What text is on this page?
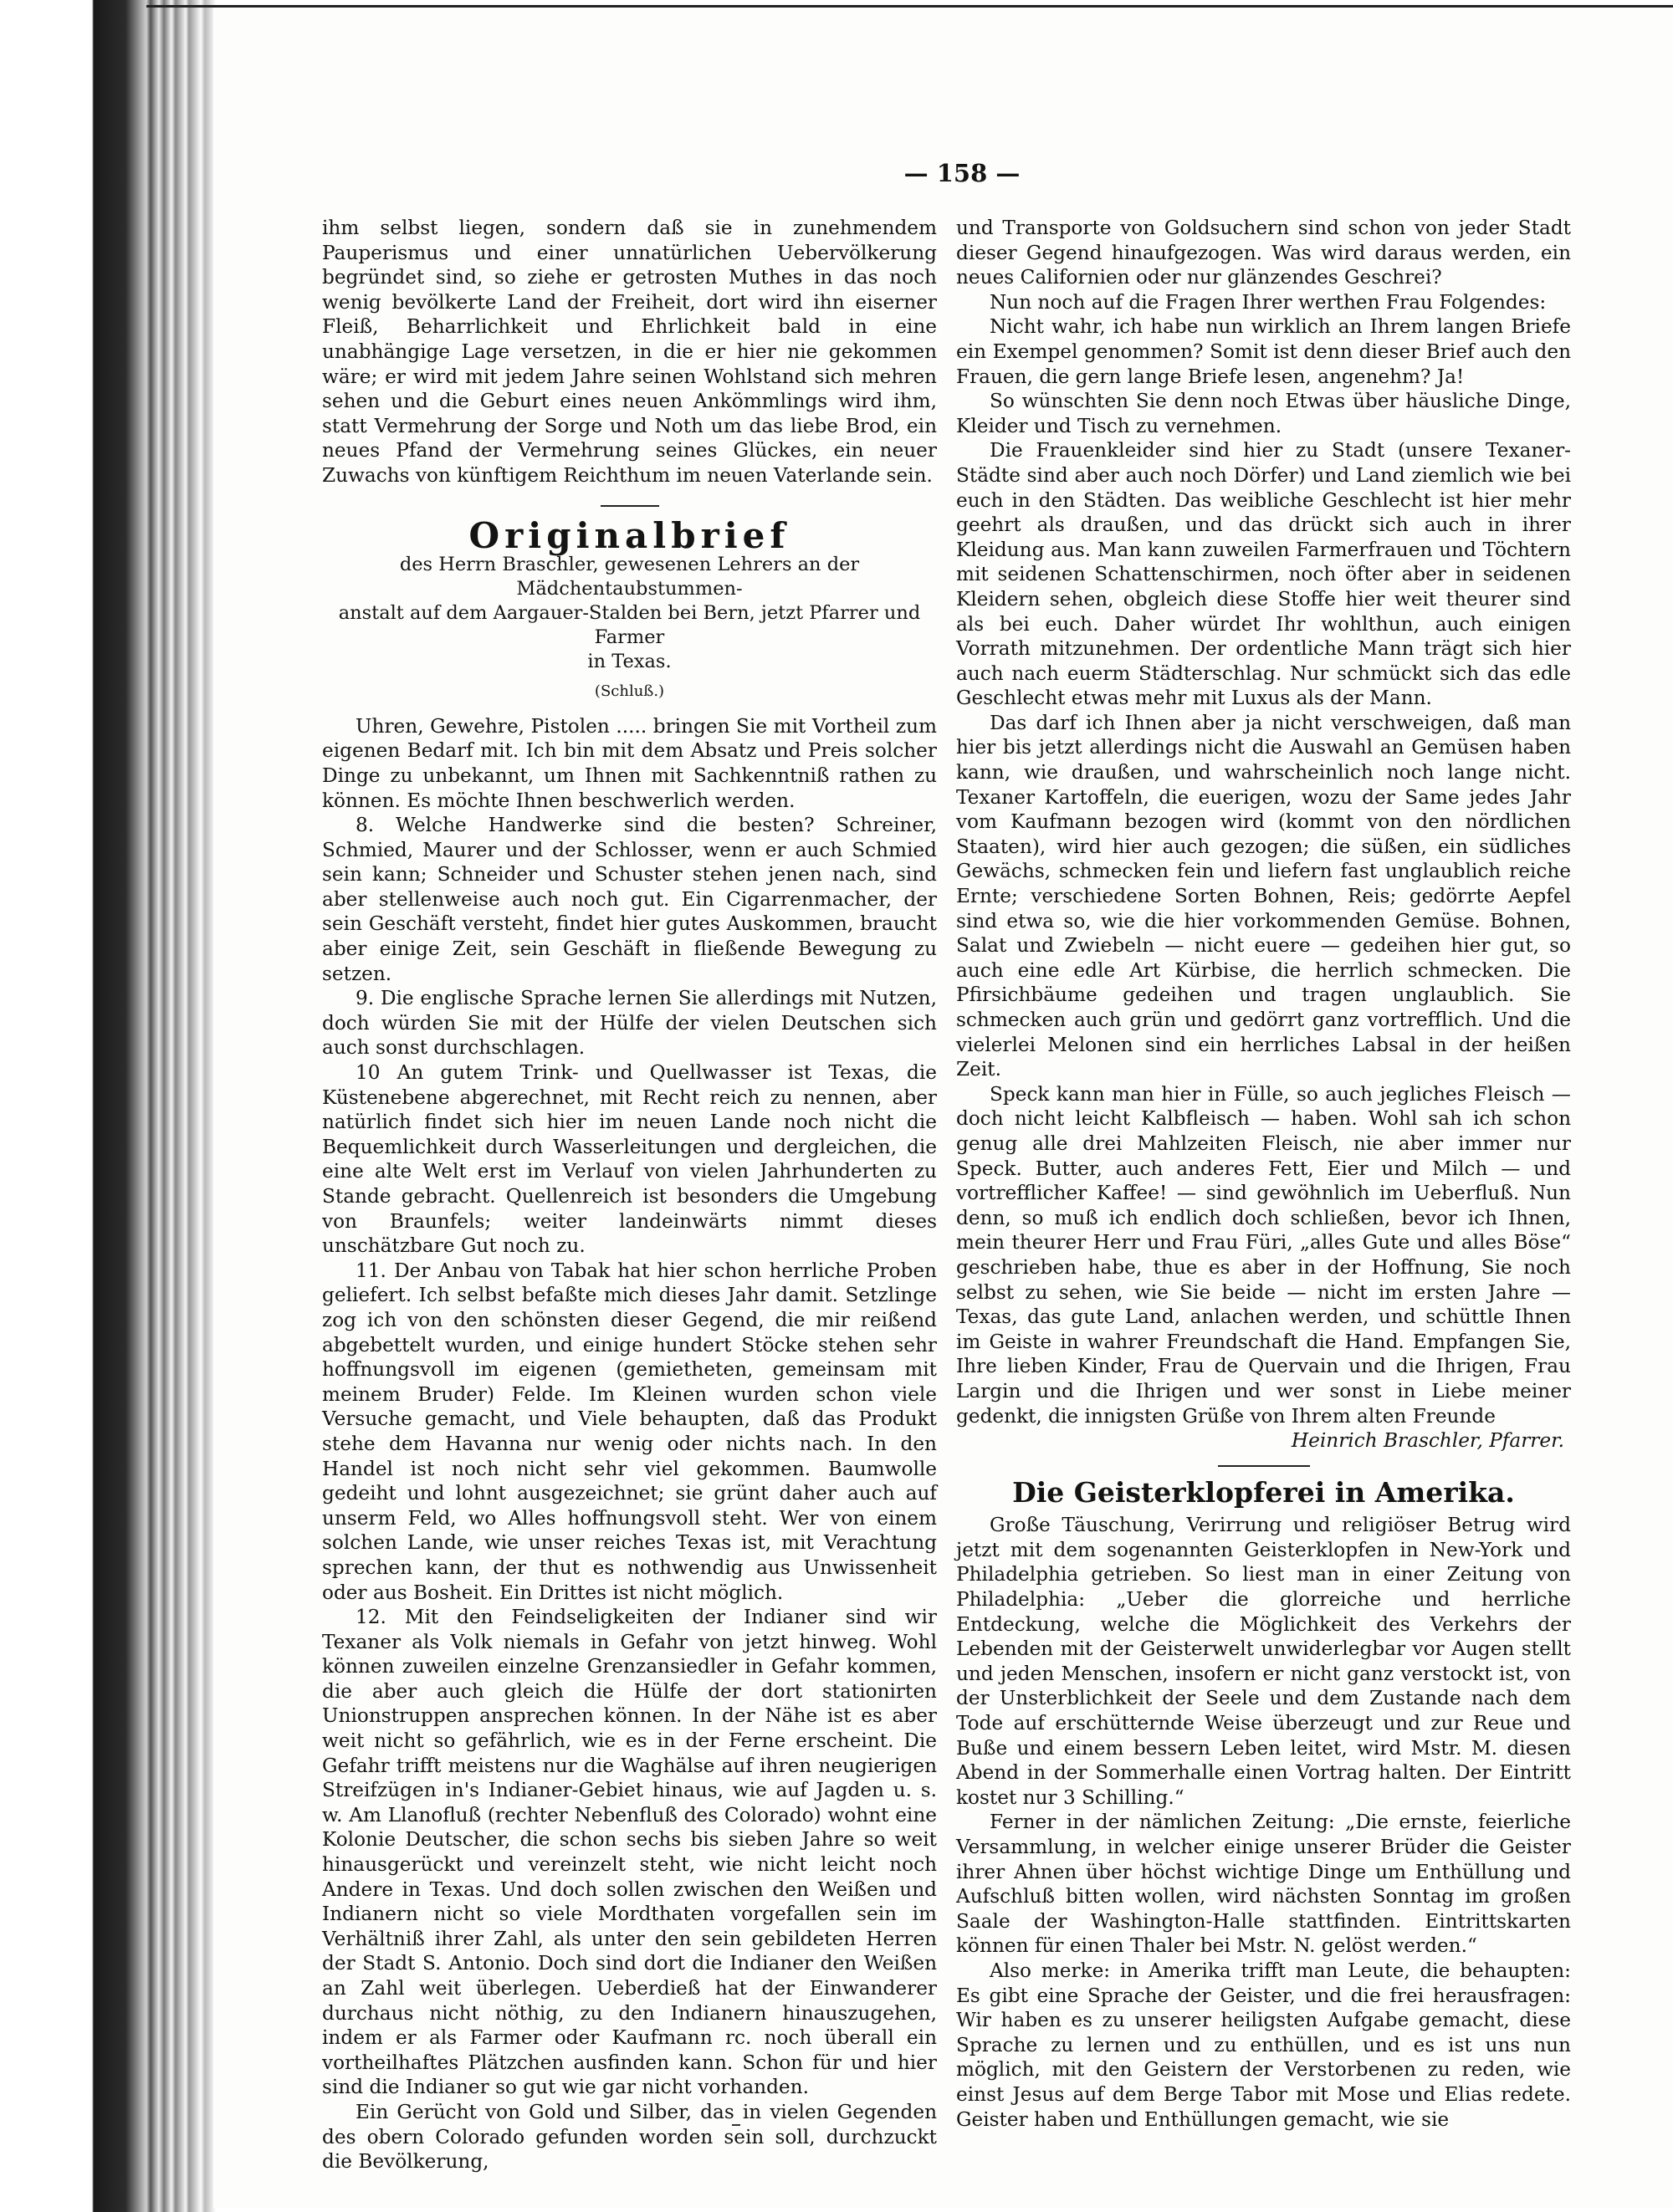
— 158 —

ihm selbst liegen, sondern daß sie in zunehmendem Pauperismus und einer unnatürlichen Uebervölkerung begründet sind, so ziehe er getrosten Muthes in das noch wenig bevölkerte Land der Freiheit, dort wird ihn eiserner Fleiß, Beharrlichkeit und Ehrlichkeit bald in eine unabhängige Lage versetzen, in die er hier nie gekommen wäre; er wird mit jedem Jahre seinen Wohlstand sich mehren sehen und die Geburt eines neuen Ankömmlings wird ihm, statt Vermehrung der Sorge und Noth um das liebe Brod, ein neues Pfand der Vermehrung seines Glückes, ein neuer Zuwachs von künftigem Reichthum im neuen Vaterlande sein.

Originalbrief
des Herrn Braschler, gewesenen Lehrers an der Mädchentaubstummen-
anstalt auf dem Aargauer-Stalden bei Bern, jetzt Pfarrer und Farmer
in Texas.
(Schluß.)

Uhren, Gewehre, Pistolen ..... bringen Sie mit Vortheil zum eigenen Bedarf mit. Ich bin mit dem Absatz und Preis solcher Dinge zu unbekannt, um Ihnen mit Sachkenntniß rathen zu können. Es möchte Ihnen beschwerlich werden.

8. Welche Handwerke sind die besten? Schreiner, Schmied, Maurer und der Schlosser, wenn er auch Schmied sein kann; Schneider und Schuster stehen jenen nach, sind aber stellenweise auch noch gut. Ein Cigarrenmacher, der sein Geschäft versteht, findet hier gutes Auskommen, braucht aber einige Zeit, sein Geschäft in fließende Bewegung zu setzen.

9. Die englische Sprache lernen Sie allerdings mit Nutzen, doch würden Sie mit der Hülfe der vielen Deutschen sich auch sonst durchschlagen.

10 An gutem Trink- und Quellwasser ist Texas, die Küstenebene abgerechnet, mit Recht reich zu nennen, aber natürlich findet sich hier im neuen Lande noch nicht die Bequemlichkeit durch Wasserleitungen und dergleichen, die eine alte Welt erst im Verlauf von vielen Jahrhunderten zu Stande gebracht. Quellenreich ist besonders die Umgebung von Braunfels; weiter landeinwärts nimmt dieses unschätzbare Gut noch zu.

11. Der Anbau von Tabak hat hier schon herrliche Proben geliefert. Ich selbst befaßte mich dieses Jahr damit. Setzlinge zog ich von den schönsten dieser Gegend, die mir reißend abgebettelt wurden, und einige hundert Stöcke stehen sehr hoffnungsvoll im eigenen (gemietheten, gemeinsam mit meinem Bruder) Felde. Im Kleinen wurden schon viele Versuche gemacht, und Viele behaupten, daß das Produkt stehe dem Havanna nur wenig oder nichts nach. In den Handel ist noch nicht sehr viel gekommen. Baumwolle gedeiht und lohnt ausgezeichnet; sie grünt daher auch auf unserm Feld, wo Alles hoffnungsvoll steht. Wer von einem solchen Lande, wie unser reiches Texas ist, mit Verachtung sprechen kann, der thut es nothwendig aus Unwissenheit oder aus Bosheit. Ein Drittes ist nicht möglich.

12. Mit den Feindseligkeiten der Indianer sind wir Texaner als Volk niemals in Gefahr von jetzt hinweg. Wohl können zuweilen einzelne Grenzansiedler in Gefahr kommen, die aber auch gleich die Hülfe der dort stationirten Unionstruppen ansprechen können. In der Nähe ist es aber weit nicht so gefährlich, wie es in der Ferne erscheint. Die Gefahr trifft meistens nur die Waghälse auf ihren neugierigen Streifzügen in's Indianer-Gebiet hinaus, wie auf Jagden u. s. w. Am Llanofluß (rechter Nebenfluß des Colorado) wohnt eine Kolonie Deutscher, die schon sechs bis sieben Jahre so weit hinausgerückt und vereinzelt steht, wie nicht leicht noch Andere in Texas. Und doch sollen zwischen den Weißen und Indianern nicht so viele Mordthaten vorgefallen sein im Verhältniß ihrer Zahl, als unter den sein gebildeten Herren der Stadt S. Antonio. Doch sind dort die Indianer den Weißen an Zahl weit überlegen. Ueberdieß hat der Einwanderer durchaus nicht nöthig, zu den Indianern hinauszugehen, indem er als Farmer oder Kaufmann rc. noch überall ein vortheilhaftes Plätzchen ausfinden kann. Schon für und hier sind die Indianer so gut wie gar nicht vorhanden.

Ein Gerücht von Gold und Silber, das in vielen Gegenden des obern Colorado gefunden worden sein soll, durchzuckt die Bevölkerung,

und Transporte von Goldsuchern sind schon von jeder Stadt dieser Gegend hinaufgezogen. Was wird daraus werden, ein neues Californien oder nur glänzendes Geschrei?

Nun noch auf die Fragen Ihrer werthen Frau Folgendes:

Nicht wahr, ich habe nun wirklich an Ihrem langen Briefe ein Exempel genommen? Somit ist denn dieser Brief auch den Frauen, die gern lange Briefe lesen, angenehm? Ja!

So wünschten Sie denn noch Etwas über häusliche Dinge, Kleider und Tisch zu vernehmen.

Die Frauenkleider sind hier zu Stadt (unsere Texaner-Städte sind aber auch noch Dörfer) und Land ziemlich wie bei euch in den Städten. Das weibliche Geschlecht ist hier mehr geehrt als draußen, und das drückt sich auch in ihrer Kleidung aus. Man kann zuweilen Farmerfrauen und Töchtern mit seidenen Schattenschirmen, noch öfter aber in seidenen Kleidern sehen, obgleich diese Stoffe hier weit theurer sind als bei euch. Daher würdet Ihr wohlthun, auch einigen Vorrath mitzunehmen. Der ordentliche Mann trägt sich hier auch nach euerm Städterschlag. Nur schmückt sich das edle Geschlecht etwas mehr mit Luxus als der Mann.

Das darf ich Ihnen aber ja nicht verschweigen, daß man hier bis jetzt allerdings nicht die Auswahl an Gemüsen haben kann, wie draußen, und wahrscheinlich noch lange nicht. Texaner Kartoffeln, die euerigen, wozu der Same jedes Jahr vom Kaufmann bezogen wird (kommt von den nördlichen Staaten), wird hier auch gezogen; die süßen, ein südliches Gewächs, schmecken fein und liefern fast unglaublich reiche Ernte; verschiedene Sorten Bohnen, Reis; gedörrte Aepfel sind etwa so, wie die hier vorkommenden Gemüse. Bohnen, Salat und Zwiebeln — nicht euere — gedeihen hier gut, so auch eine edle Art Kürbise, die herrlich schmecken. Die Pfirsichbäume gedeihen und tragen unglaublich. Sie schmecken auch grün und gedörrt ganz vortrefflich. Und die vielerlei Melonen sind ein herrliches Labsal in der heißen Zeit.

Speck kann man hier in Fülle, so auch jegliches Fleisch — doch nicht leicht Kalbfleisch — haben. Wohl sah ich schon genug alle drei Mahlzeiten Fleisch, nie aber immer nur Speck. Butter, auch anderes Fett, Eier und Milch — und vortrefflicher Kaffee! — sind gewöhnlich im Ueberfluß. Nun denn, so muß ich endlich doch schließen, bevor ich Ihnen, mein theurer Herr und Frau Füri, „alles Gute und alles Böse“ geschrieben habe, thue es aber in der Hoffnung, Sie noch selbst zu sehen, wie Sie beide — nicht im ersten Jahre — Texas, das gute Land, anlachen werden, und schüttle Ihnen im Geiste in wahrer Freundschaft die Hand. Empfangen Sie, Ihre lieben Kinder, Frau de Quervain und die Ihrigen, Frau Largin und die Ihrigen und wer sonst in Liebe meiner gedenkt, die innigsten Grüße von Ihrem alten Freunde

Heinrich Braschler, Pfarrer.

Die Geisterklopferei in Amerika.

Große Täuschung, Verirrung und religiöser Betrug wird jetzt mit dem sogenannten Geisterklopfen in New-York und Philadelphia getrieben. So liest man in einer Zeitung von Philadelphia: „Ueber die glorreiche und herrliche Entdeckung, welche die Möglichkeit des Verkehrs der Lebenden mit der Geisterwelt unwiderlegbar vor Augen stellt und jeden Menschen, insofern er nicht ganz verstockt ist, von der Unsterblichkeit der Seele und dem Zustande nach dem Tode auf erschütternde Weise überzeugt und zur Reue und Buße und einem bessern Leben leitet, wird Mstr. M. diesen Abend in der Sommerhalle einen Vortrag halten. Der Eintritt kostet nur 3 Schilling.“

Ferner in der nämlichen Zeitung: „Die ernste, feierliche Versammlung, in welcher einige unserer Brüder die Geister ihrer Ahnen über höchst wichtige Dinge um Enthüllung und Aufschluß bitten wollen, wird nächsten Sonntag im großen Saale der Washington-Halle stattfinden. Eintrittskarten können für einen Thaler bei Mstr. N. gelöst werden.“

Also merke: in Amerika trifft man Leute, die behaupten: Es gibt eine Sprache der Geister, und die frei herausfragen: Wir haben es zu unserer heiligsten Aufgabe gemacht, diese Sprache zu lernen und zu enthüllen, und es ist uns nun möglich, mit den Geistern der Verstorbenen zu reden, wie einst Jesus auf dem Berge Tabor mit Mose und Elias redete. Geister haben und Enthüllungen gemacht, wie sie
